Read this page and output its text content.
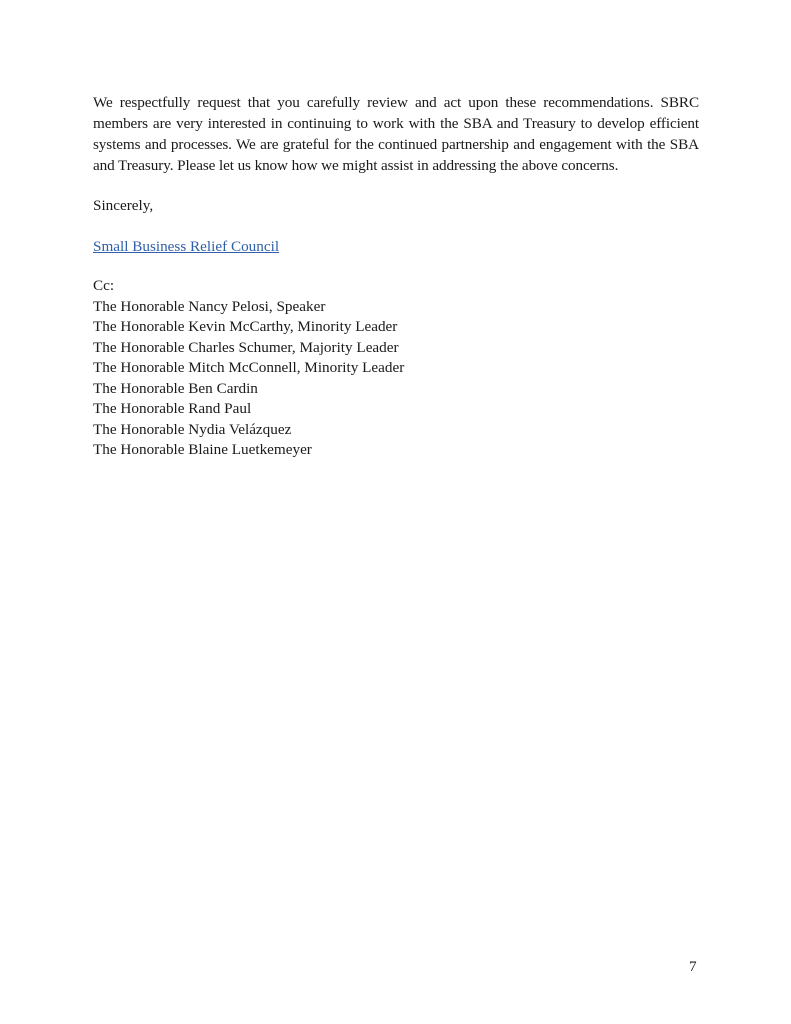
We respectfully request that you carefully review and act upon these recommendations. SBRC members are very interested in continuing to work with the SBA and Treasury to develop efficient systems and processes. We are grateful for the continued partnership and engagement with the SBA and Treasury. Please let us know how we might assist in addressing the above concerns.

Sincerely,

Small Business Relief Council
Cc:
The Honorable Nancy Pelosi, Speaker
The Honorable Kevin McCarthy, Minority Leader
The Honorable Charles Schumer, Majority Leader
The Honorable Mitch McConnell, Minority Leader
The Honorable Ben Cardin
The Honorable Rand Paul
The Honorable Nydia Velázquez
The Honorable Blaine Luetkemeyer
7
